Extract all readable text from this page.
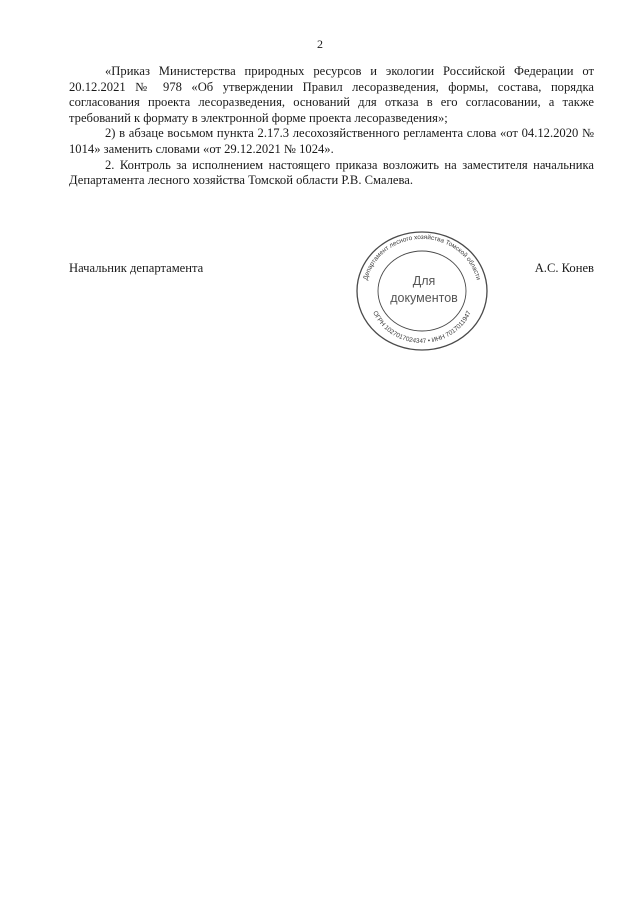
2

«Приказ Министерства природных ресурсов и экологии Российской Федерации от 20.12.2021 № 978 «Об утверждении Правил лесоразведения, формы, состава, порядка согласования проекта лесоразведения, оснований для отказа в его согласовании, а также требований к формату в электронной форме проекта лесоразведения»;

2) в абзаце восьмом пункта 2.17.3 лесохозяйственного регламента слова «от 04.12.2020 № 1014» заменить словами «от 29.12.2021 № 1024».

2. Контроль за исполнением настоящего приказа возложить на заместителя начальника Департамента лесного хозяйства Томской области Р.В. Смалева.

Начальник департамента
Департамент лесного хозяйства Томской области
ОГРН 1027017024347 • ИНН 7017011947
Для
документов
А.С. Конев
